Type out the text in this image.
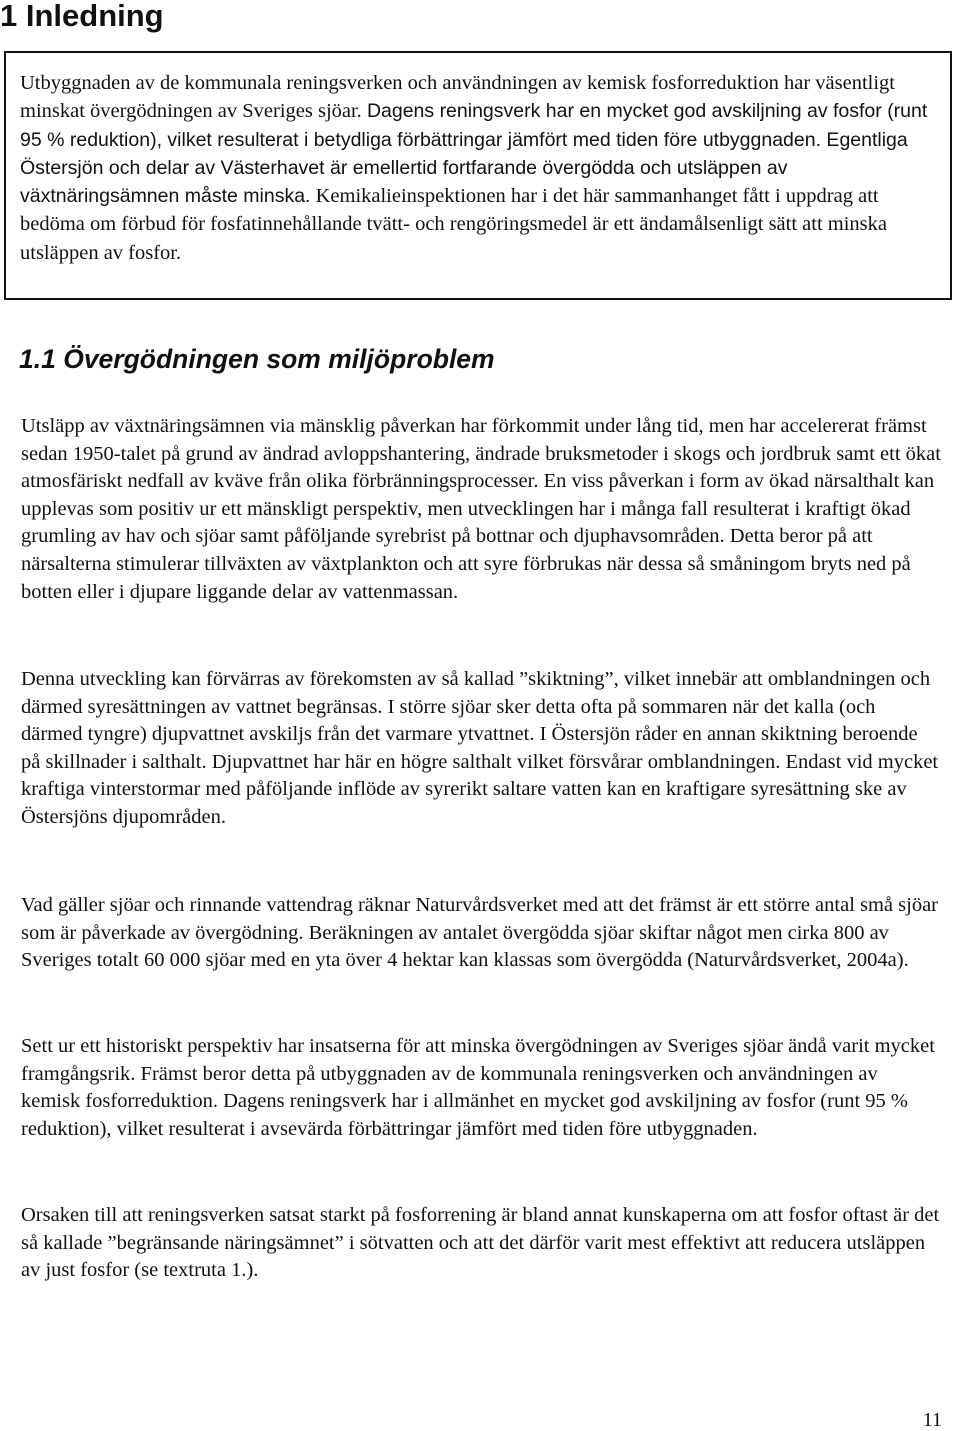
1 Inledning

Utbyggnaden av de kommunala reningsverken och användningen av kemisk fosforreduktion har väsentligt minskat övergödningen av Sveriges sjöar. Dagens reningsverk har en mycket god avskiljning av fosfor (runt 95 % reduktion), vilket resulterat i betydliga förbättringar jämfört med tiden före utbyggnaden. Egentliga Östersjön och delar av Västerhavet är emellertid fortfarande övergödda och utsläppen av växtnäringsämnen måste minska. Kemikalieinspektionen har i det här sammanhanget fått i uppdrag att bedöma om förbud för fosfatinnehållande tvätt- och rengöringsmedel är ett ändamålsenligt sätt att minska utsläppen av fosfor.

1.1 Övergödningen som miljöproblem

Utsläpp av växtnäringsämnen via mänsklig påverkan har förkommit under lång tid, men har accelererat främst sedan 1950-talet på grund av ändrad avloppshantering, ändrade bruksmetoder i skogs och jordbruk samt ett ökat atmosfäriskt nedfall av kväve från olika förbränningsprocesser. En viss påverkan i form av ökad närsalthalt kan upplevas som positiv ur ett mänskligt perspektiv, men utvecklingen har i många fall resulterat i kraftigt ökad grumling av hav och sjöar samt påföljande syrebrist på bottnar och djuphavsområden. Detta beror på att närsalterna stimulerar tillväxten av växtplankton och att syre förbrukas när dessa så småningom bryts ned på botten eller i djupare liggande delar av vattenmassan.

Denna utveckling kan förvärras av förekomsten av så kallad ”skiktning”, vilket innebär att omblandningen och därmed syresättningen av vattnet begränsas. I större sjöar sker detta ofta på sommaren när det kalla (och därmed tyngre) djupvattnet avskiljs från det varmare ytvattnet. I Östersjön råder en annan skiktning beroende på skillnader i salthalt. Djupvattnet har här en högre salthalt vilket försvårar omblandningen. Endast vid mycket kraftiga vinterstormar med påföljande inflöde av syrerikt saltare vatten kan en kraftigare syresättning ske av Östersjöns djupområden.

Vad gäller sjöar och rinnande vattendrag räknar Naturvårdsverket med att det främst är ett större antal små sjöar som är påverkade av övergödning. Beräkningen av antalet övergödda sjöar skiftar något men cirka 800 av Sveriges totalt 60 000 sjöar med en yta över 4 hektar kan klassas som övergödda (Naturvårdsverket, 2004a).

Sett ur ett historiskt perspektiv har insatserna för att minska övergödningen av Sveriges sjöar ändå varit mycket framgångsrik. Främst beror detta på utbyggnaden av de kommunala reningsverken och användningen av kemisk fosforreduktion. Dagens reningsverk har i allmänhet en mycket god avskiljning av fosfor (runt 95 % reduktion), vilket resulterat i avsevärda förbättringar jämfört med tiden före utbyggnaden.

Orsaken till att reningsverken satsat starkt på fosforrening är bland annat kunskaperna om att fosfor oftast är det så kallade ”begränsande näringsämnet” i sötvatten och att det därför varit mest effektivt att reducera utsläppen av just fosfor (se textruta 1.).

11
